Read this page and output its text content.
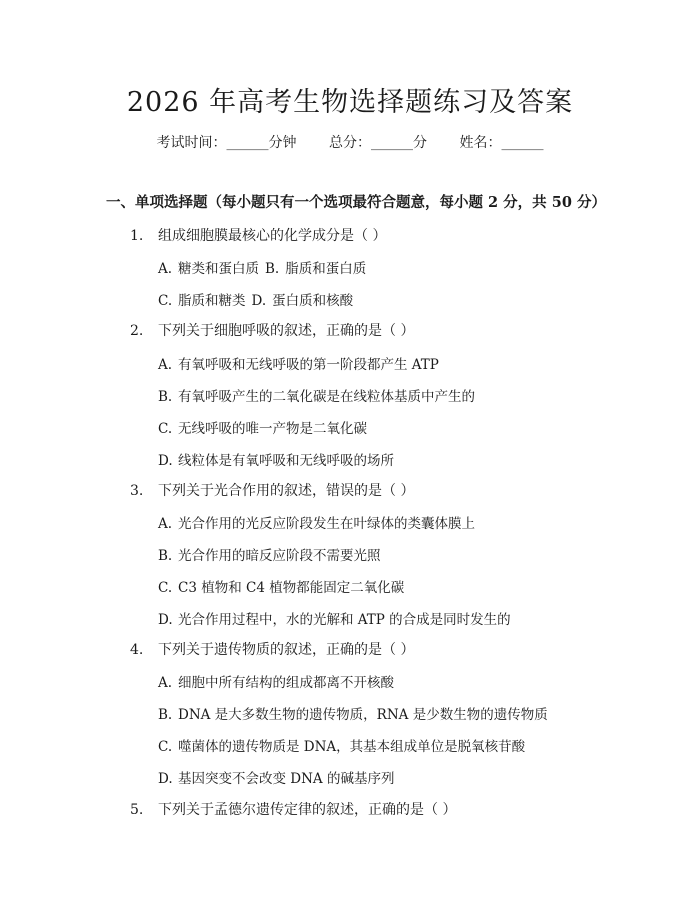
2026 年高考生物选择题练习及答案
考试时间：______分钟 总分：______分 姓名：______
一、单项选择题（每小题只有一个选项最符合题意，每小题 2 分，共 50 分）
1. 组成细胞膜最核心的化学成分是（ ）
A. 糖类和蛋白质 B. 脂质和蛋白质
C. 脂质和糖类 D. 蛋白质和核酸
2. 下列关于细胞呼吸的叙述，正确的是（ ）
A. 有氧呼吸和无线呼吸的第一阶段都产生 ATP
B. 有氧呼吸产生的二氧化碳是在线粒体基质中产生的
C. 无线呼吸的唯一产物是二氧化碳
D. 线粒体是有氧呼吸和无线呼吸的场所
3. 下列关于光合作用的叙述，错误的是（ ）
A. 光合作用的光反应阶段发生在叶绿体的类囊体膜上
B. 光合作用的暗反应阶段不需要光照
C. C3 植物和 C4 植物都能固定二氧化碳
D. 光合作用过程中，水的光解和 ATP 的合成是同时发生的
4. 下列关于遗传物质的叙述，正确的是（ ）
A. 细胞中所有结构的组成都离不开核酸
B. DNA 是大多数生物的遗传物质，RNA 是少数生物的遗传物质
C. 噬菌体的遗传物质是 DNA，其基本组成单位是脱氧核苷酸
D. 基因突变不会改变 DNA 的碱基序列
5. 下列关于孟德尔遗传定律的叙述，正确的是（ ）
